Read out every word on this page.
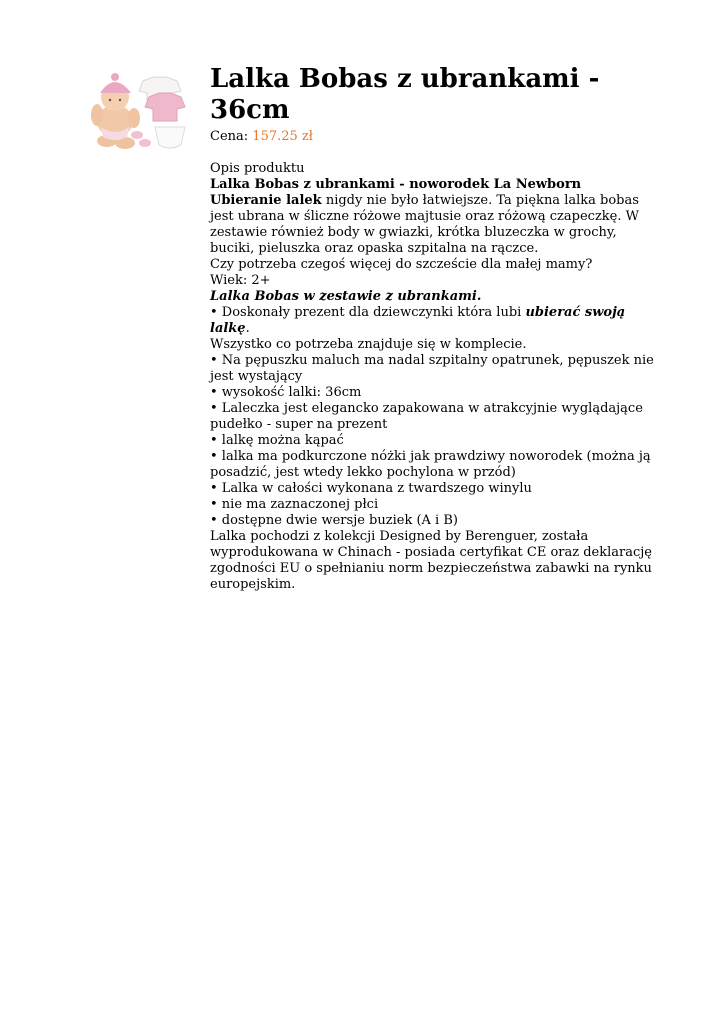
Lalka Bobas z ubrankami - 36cm
Cena: 157.25 zł

Opis produktu

Lalka Bobas z ubrankami - noworodek La Newborn

Ubieranie lalek nigdy nie było łatwiejsze. Ta piękna lalka bobas jest ubrana w śliczne różowe majtusie oraz różową czapeczkę. W zestawie również body w gwiazki, krótka bluzeczka w grochy, buciki, pieluszka oraz opaska szpitalna na rączce.

Czy potrzeba czegoś więcej do szczeście dla małej mamy?

Wiek: 2+

Lalka Bobas w zestawie z ubrankami.

• Doskonały prezent dla dziewczynki która lubi ubierać swoją lalkę.

Wszystko co potrzeba znajduje się w komplecie.

• Na pępuszku maluch ma nadal szpitalny opatrunek, pępuszek nie jest wystający

• wysokość lalki: 36cm

• Laleczka jest elegancko zapakowana w atrakcyjnie wyglądające pudełko - super na prezent

• lalkę można kąpać

• lalka ma podkurczone nóżki jak prawdziwy noworodek (można ją posadzić, jest wtedy lekko pochylona w przód)

• Lalka w całości wykonana z twardszego winylu

• nie ma zaznaczonej płci

• dostępne dwie wersje buziek (A i B)

Lalka pochodzi z kolekcji Designed by Berenguer, została wyprodukowana w Chinach - posiada certyfikat CE oraz deklarację zgodności EU o spełnianiu norm bezpieczeństwa zabawki na rynku europejskim.
